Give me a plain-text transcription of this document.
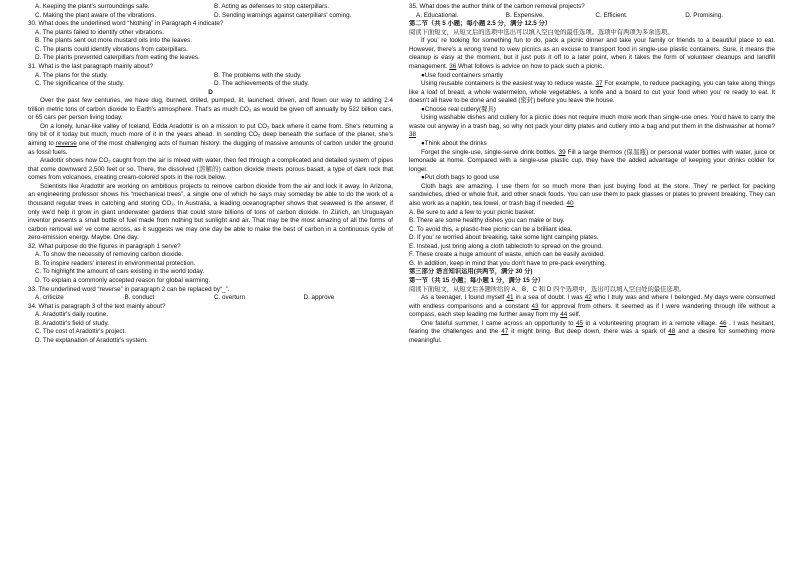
A. Keeping the plant's surroundings safe.	B. Acting as defenses to stop caterpillars.
C. Making the plant aware of the vibrations.	D. Sending warnings against caterpillars' coming.
30. What does the underlined word “Nothing” in Paragraph 4 indicate?
A. The plants failed to identify other vibrations.
B. The plants sent out more mustard oils into the leaves.
C. The plants could identify vibrations from caterpillars.
D. The plants prevented caterpillars from eating the leaves.
31. What is the last paragraph mainly about?
A. The plans for the study.	B. The problems with the study.
C. The significance of the study.	D. The achievements of the study.
D

Over the past few centuries, we have dug, burned, drilled, pumped, lit, launched, driven, and flown our way to adding 2.4 trillion metric tons of carbon dioxide to Earth's atmosphere. That's as much CO₂ as would be given off annually by 522 billion cars, or 65 cars per person living today.

On a lonely, lunar-like valley of Iceland, Edda Aradottir is on a mission to put CO₂ back where it came from. She's returning a tiny bit of it today but much, much more of it in the years ahead. In sending CO₂ deep beneath the surface of the planet, she's aiming to reverse one of the most challenging acts of human history: the dugging of massive amounts of carbon under the ground as fossil fuels.

Aradottir shows how CO₂ caught from the air is mixed with water, then fed through a complicated and detailed system of pipes that come downward 2,500 feet or so. There, the dissolved (溶解的) carbon dioxide meets porous basalt, a type of dark rock that comes from volcanoes, creating cream-colored spots in the rock below.

Scientists like Aradottir are working on ambitious projects to remove carbon dioxide from the air and lock it away. In Arizona, an engineering professor shows his “mechanical trees”, a single one of which he says may someday be able to do the work of a thousand regular trees in catching and storing CO₂. In Australia, a leading oceanographer shows that seaweed is the answer, if only we'd help it grow in giant underwater gardens that could store billions of tons of carbon dioxide. In Zürich, an Uruguayan inventor presents a small bottle of fuel made from nothing but sunlight and air. That may be the most amazing of all the forms of carbon removal we' ve come across, as it suggests we may one day be able to make the best of carbon in a continuous cycle of zero-emission energy. Maybe. One day.

32. What purpose do the figures in paragraph 1 serve?
A. To show the necessity of removing carbon dioxide.
B. To inspire readers' interest in environmental protection.
C. To highlight the amount of cars existing in the world today.
D. To explain a commonly accepted reason for global warming.
33. The underlined word “reverse” in paragraph 2 can be replaced by“_”.
A. criticize	B. conduct	C. overturn	D. approve
34. What is paragraph 3 of the text mainly about?
A. Aradottir's daily routine.
B. Aradottir's field of study.
C. The cost of Aradottir's project.
D. The explanation of Aradottir's system.
35. What does the author think of the carbon removal projects?
A. Educational.	B. Expensive.	C. Efficient.	D. Promising.
第二节（共 5 小题；每小题 2.5 分，满分 12.5 分）
阅读下面短文，从短文后的选项中选出可以填入空白处的最佳选项。选项中有两项为多余选项。

If you' re looking for something fun to do, pack a picnic dinner and take your family or friends to a beautiful place to eat. However, there's a wrong trend to view picnics as an excuse to transport food in single-use plastic containers. Sure, it means the cleanup is easy at the moment, but it just puts it off to a later point, when it takes the form of volunteer cleanups and landfill management. 36 What follows is advice on how to pack such a picnic.

●Use food containers smartly

Using reusable containers is the easiest way to reduce waste. 37 For example, to reduce packaging, you can take along things like a loaf of bread, a whole watermelon, whole vegetables, a knife and a board to cut your food when you' re ready to eat. It doesn't all have to be done and sealed (密封) before you leave the house.

●Choose real cutlery(餐具)

Using washable dishes and cutlery for a picnic does not require much more work than single-use ones. You'd have to carry the waste out anyway in a trash bag, so why not pack your dirty plates and cutlery into a bag and put them in the dishwasher at home? 38

●Think about the drinks

Forget the single-use, single-serve drink bottles. 39 Fill a large thermos (保温瓶) or personal water bottles with water, juice or lemonade at home. Compared with a single-use plastic cup, they have the added advantage of keeping your drinks colder for longer.

●Put cloth bags to good use

Cloth bags are amazing. I use them for so much more than just buying food at the store. They' re perfect for packing sandwiches, dried or whole fruit, and other snack foods. You can use them to pack glasses or plates to prevent breaking. They can also work as a napkin, tea towel, or trash bag if needed. 40

A. Be sure to add a few to your picnic basket.
B. There are some healthy dishes you can make or buy.
C. To avoid this, a plastic-free picnic can be a brilliant idea.
D. If you' re worried about breaking, take some light camping plates.
E. Instead, just bring along a cloth tablecloth to spread on the ground.
F. These create a huge amount of waste, which can be easily avoided.
G. In addition, keep in mind that you don't have to pre-pack everything.
第三部分 语言知识运用(共两节，满分 30 分)
第一节（共 15 小题；每小题 1 分，满分 15 分）
阅读下面短文，从短文后各题所给的 A、B、C 和 D 四个选项中，选出可以填入空白处的最佳选项。

As a teenager, I found myself 41 in a sea of doubt. I was 42 who I truly was and where I belonged. My days were consumed with endless comparisons and a constant 43 for approval from others. It seemed as if I were wandering through life without a compass, each step leading me further away from my 44 self.

One fateful summer, I came across an opportunity to 45 in a volunteering program in a remote village. 46 . I was hesitant, fearing the challenges and the 47 it might bring. But deep down, there was a spark of 48 and a desire for something more meaningful.
